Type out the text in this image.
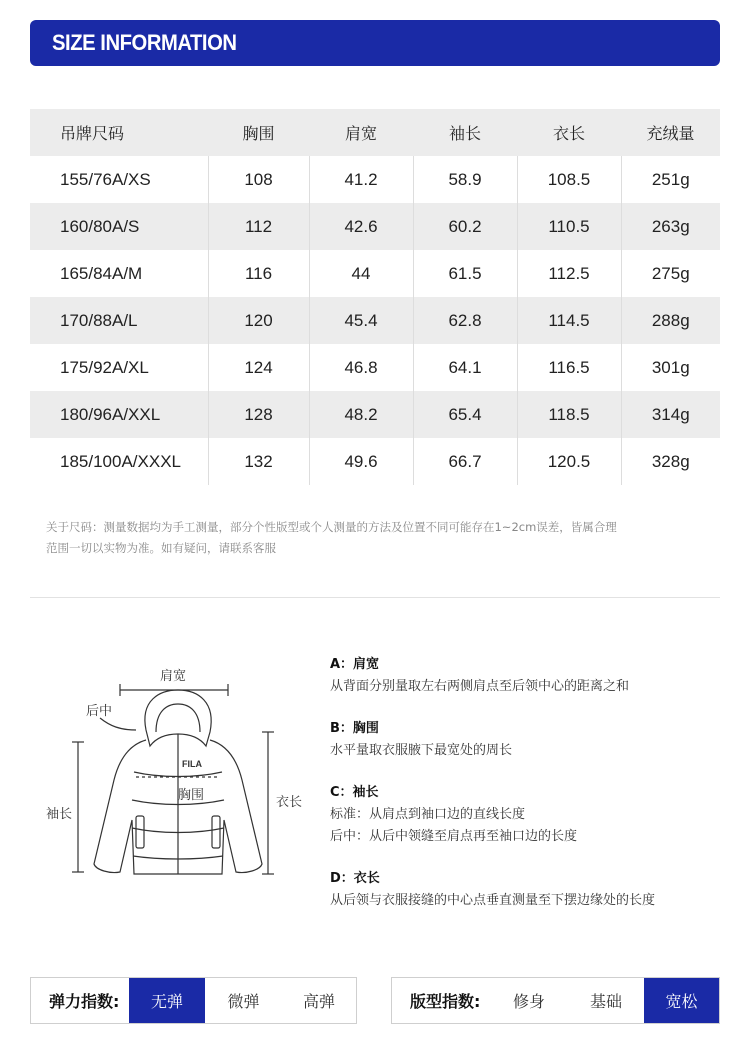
SIZE INFORMATION
吊牌尺码	胸围	肩宽	袖长	衣长	充绒量
155/76A/XS	108	41.2	58.9	108.5	251g
160/80A/S	112	42.6	60.2	110.5	263g
165/84A/M	116	44	61.5	112.5	275g
170/88A/L	120	45.4	62.8	114.5	288g
175/92A/XL	124	46.8	64.1	116.5	301g
180/96A/XXL	128	48.2	65.4	118.5	314g
185/100A/XXXL	132	49.6	66.7	120.5	328g
关于尺码：测量数据均为手工测量，部分个性版型或个人测量的方法及位置不同可能存在1~2cm误差，皆属合理
范围一切以实物为准。如有疑问，请联系客服
FILA
肩宽
后中
胸围
袖长
衣长
A：肩宽
从背面分别量取左右两侧肩点至后领中心的距离之和
B：胸围
水平量取衣服腋下最宽处的周长
C：袖长
标准：从肩点到袖口边的直线长度
后中：从后中领缝至肩点再至袖口边的长度
D：衣长
从后领与衣服接缝的中心点垂直测量至下摆边缘处的长度
弹力指数:	无弹	微弹	高弹	版型指数:	修身	基础	宽松
